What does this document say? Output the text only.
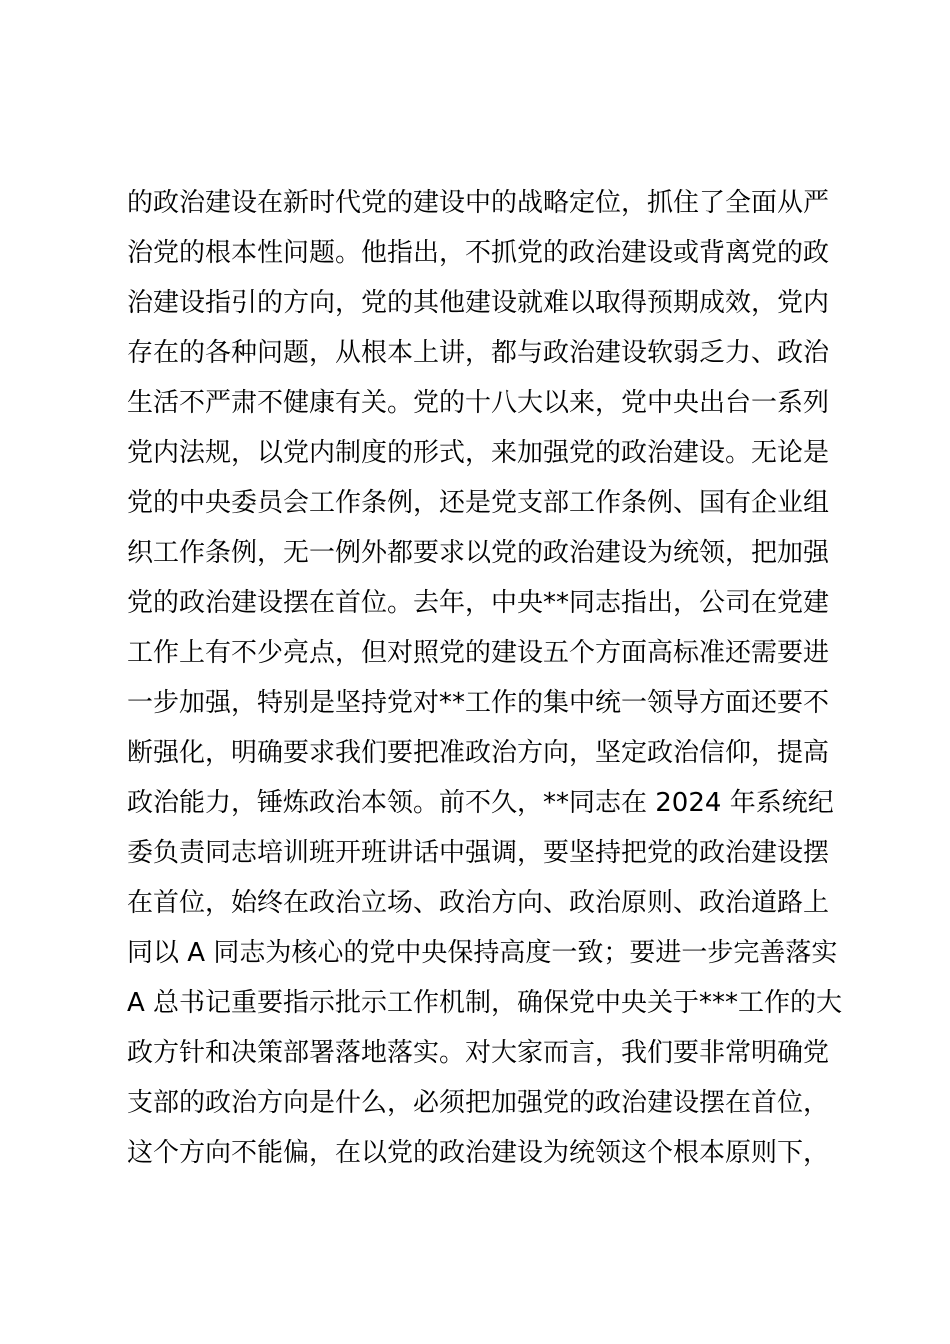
的政治建设在新时代党的建设中的战略定位，抓住了全面从严
治党的根本性问题。他指出，不抓党的政治建设或背离党的政
治建设指引的方向，党的其他建设就难以取得预期成效，党内
存在的各种问题，从根本上讲，都与政治建设软弱乏力、政治
生活不严肃不健康有关。党的十八大以来，党中央出台一系列
党内法规，以党内制度的形式，来加强党的政治建设。无论是
党的中央委员会工作条例，还是党支部工作条例、国有企业组
织工作条例，无一例外都要求以党的政治建设为统领，把加强
党的政治建设摆在首位。去年，中央**同志指出，公司在党建
工作上有不少亮点，但对照党的建设五个方面高标准还需要进
一步加强，特别是坚持党对**工作的集中统一领导方面还要不
断强化，明确要求我们要把准政治方向，坚定政治信仰，提高
政治能力，锤炼政治本领。前不久，**同志在 2024 年系统纪
委负责同志培训班开班讲话中强调，要坚持把党的政治建设摆
在首位，始终在政治立场、政治方向、政治原则、政治道路上
同以 A 同志为核心的党中央保持高度一致；要进一步完善落实
A 总书记重要指示批示工作机制，确保党中央关于***工作的大
政方针和决策部署落地落实。对大家而言，我们要非常明确党
支部的政治方向是什么，必须把加强党的政治建设摆在首位，
这个方向不能偏，在以党的政治建设为统领这个根本原则下，
